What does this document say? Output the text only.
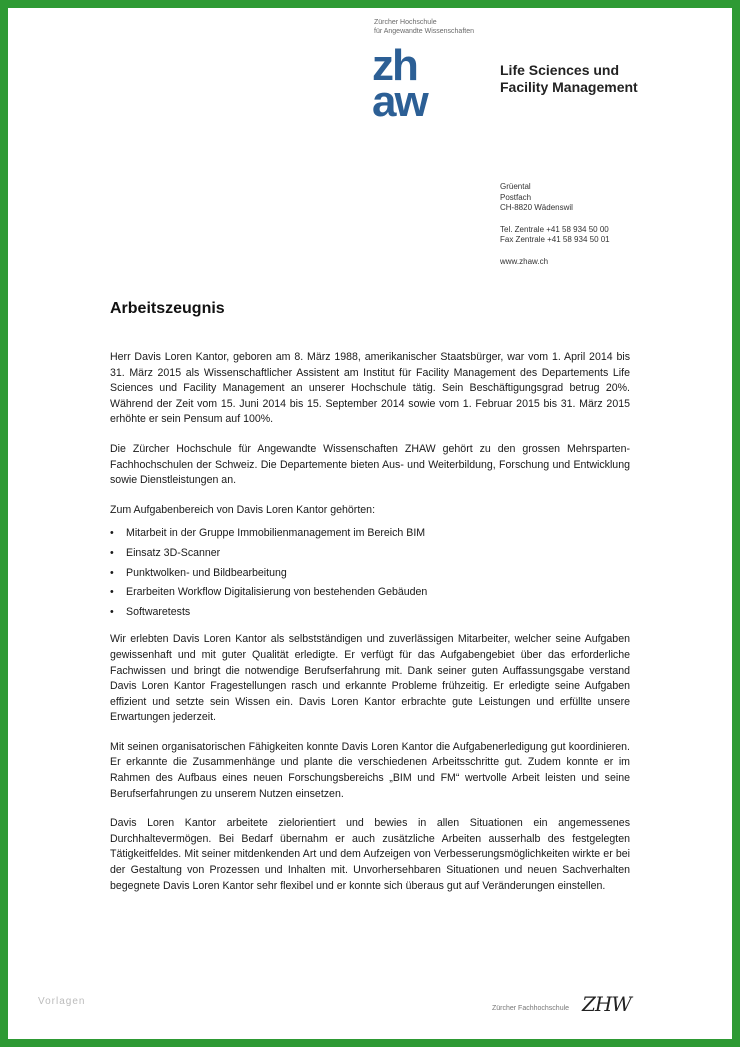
Zürcher Hochschule
für Angewandte Wissenschaften
zh
aw
Life Sciences und
Facility Management
Grüental
Postfach
CH-8820 Wädenswil
Tel. Zentrale +41 58 934 50 00
Fax Zentrale +41 58 934 50 01
www.zhaw.ch
Arbeitszeugnis

Herr Davis Loren Kantor, geboren am 8. März 1988, amerikanischer Staatsbürger, war vom 1. April 2014 bis 31. März 2015 als Wissenschaftlicher Assistent am Institut für Facility Management des Departements Life Sciences und Facility Management an unserer Hochschule tätig. Sein Beschäftigungsgrad betrug 20%. Während der Zeit vom 15. Juni 2014 bis 15. September 2014 sowie vom 1. Februar 2015 bis 31. März 2015 erhöhte er sein Pensum auf 100%.

Die Zürcher Hochschule für Angewandte Wissenschaften ZHAW gehört zu den grossen Mehrsparten-Fachhochschulen der Schweiz. Die Departemente bieten Aus- und Weiterbildung, Forschung und Entwicklung sowie Dienstleistungen an.

Zum Aufgabenbereich von Davis Loren Kantor gehörten:

• Mitarbeit in der Gruppe Immobilienmanagement im Bereich BIM
• Einsatz 3D-Scanner
• Punktwolken- und Bildbearbeitung
• Erarbeiten Workflow Digitalisierung von bestehenden Gebäuden
• Softwaretests

Wir erlebten Davis Loren Kantor als selbstständigen und zuverlässigen Mitarbeiter, welcher seine Aufgaben gewissenhaft und mit guter Qualität erledigte. Er verfügt für das Aufgabengebiet über das erforderliche Fachwissen und bringt die notwendige Berufserfahrung mit. Dank seiner guten Auffassungsgabe verstand Davis Loren Kantor Fragestellungen rasch und erkannte Probleme frühzeitig. Er erledigte seine Aufgaben effizient und setzte sein Wissen ein. Davis Loren Kantor erbrachte gute Leistungen und erfüllte unsere Erwartungen jederzeit.

Mit seinen organisatorischen Fähigkeiten konnte Davis Loren Kantor die Aufgabenerledigung gut koordinieren. Er erkannte die Zusammenhänge und plante die verschiedenen Arbeitsschritte gut. Zudem konnte er im Rahmen des Aufbaus eines neuen Forschungsbereichs „BIM und FM“ wertvolle Arbeit leisten und seine Berufserfahrungen zu unserem Nutzen einsetzen.

Davis Loren Kantor arbeitete zielorientiert und bewies in allen Situationen ein angemessenes Durchhaltevermögen. Bei Bedarf übernahm er auch zusätzliche Arbeiten ausserhalb des festgelegten Tätigkeitfeldes. Mit seiner mitdenkenden Art und dem Aufzeigen von Verbesserungsmöglichkeiten wirkte er bei der Gestaltung von Prozessen und Inhalten mit. Unvorhersehbaren Situationen und neuen Sachverhalten begegnete Davis Loren Kantor sehr flexibel und er konnte sich überaus gut auf Veränderungen einstellen.

Vorlagen
Zürcher Fachhochschule ZHW
